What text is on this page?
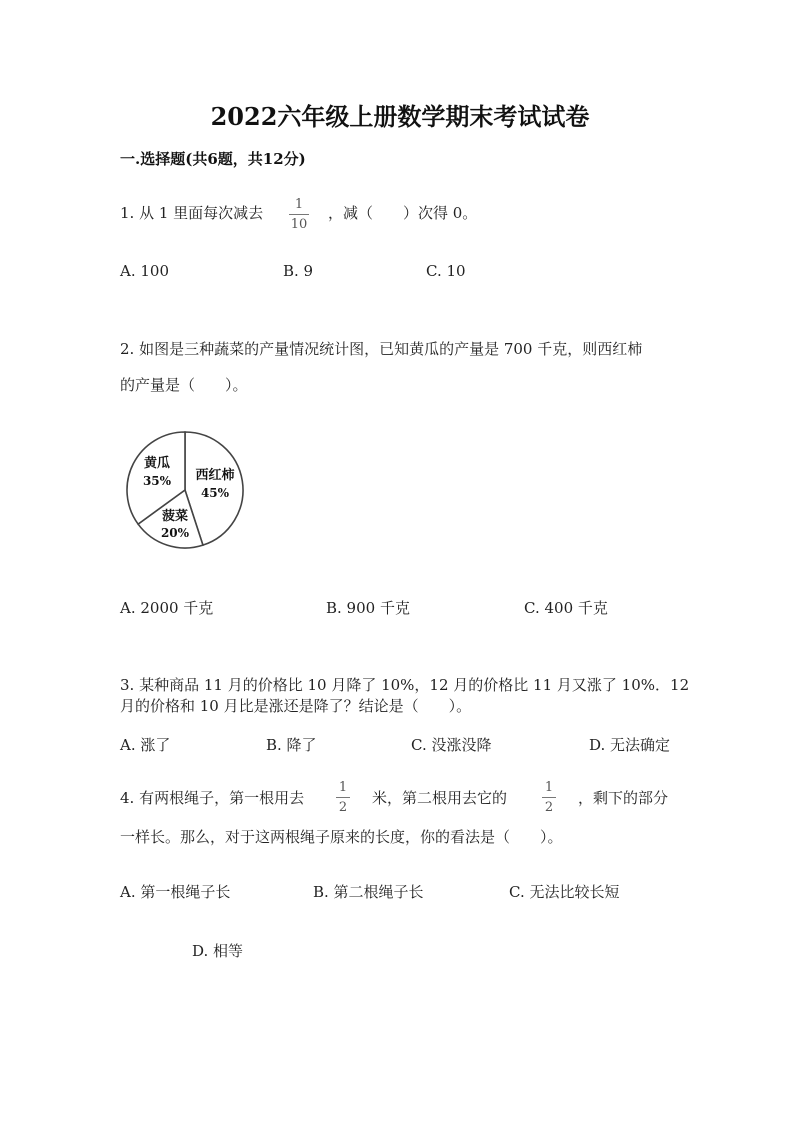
2022六年级上册数学期末考试试卷
一.选择题(共6题，共12分)
1. 从 1 里面每次减去	1
10
，减（　　）次得 0。
A. 100	B. 9	C. 10
2. 如图是三种蔬菜的产量情况统计图，已知黄瓜的产量是 700 千克，则西红柿
的产量是（　　）。
黄瓜
35% 西红柿
45%
菠菜
20%
A. 2000 千克	B. 900 千克	C. 400 千克
3. 某种商品 11 月的价格比 10 月降了 10%，12 月的价格比 11 月又涨了 10%．12
月的价格和 10 月比是涨还是降了？结论是（　　）。
A. 涨了	B. 降了	C. 没涨没降	D. 无法确定
4. 有两根绳子，第一根用去
1
2
米，第二根用去它的
1
2
，剩下的部分
一样长。那么，对于这两根绳子原来的长度，你的看法是（　　）。
A. 第一根绳子长	B. 第二根绳子长	C. 无法比较长短
D. 相等
